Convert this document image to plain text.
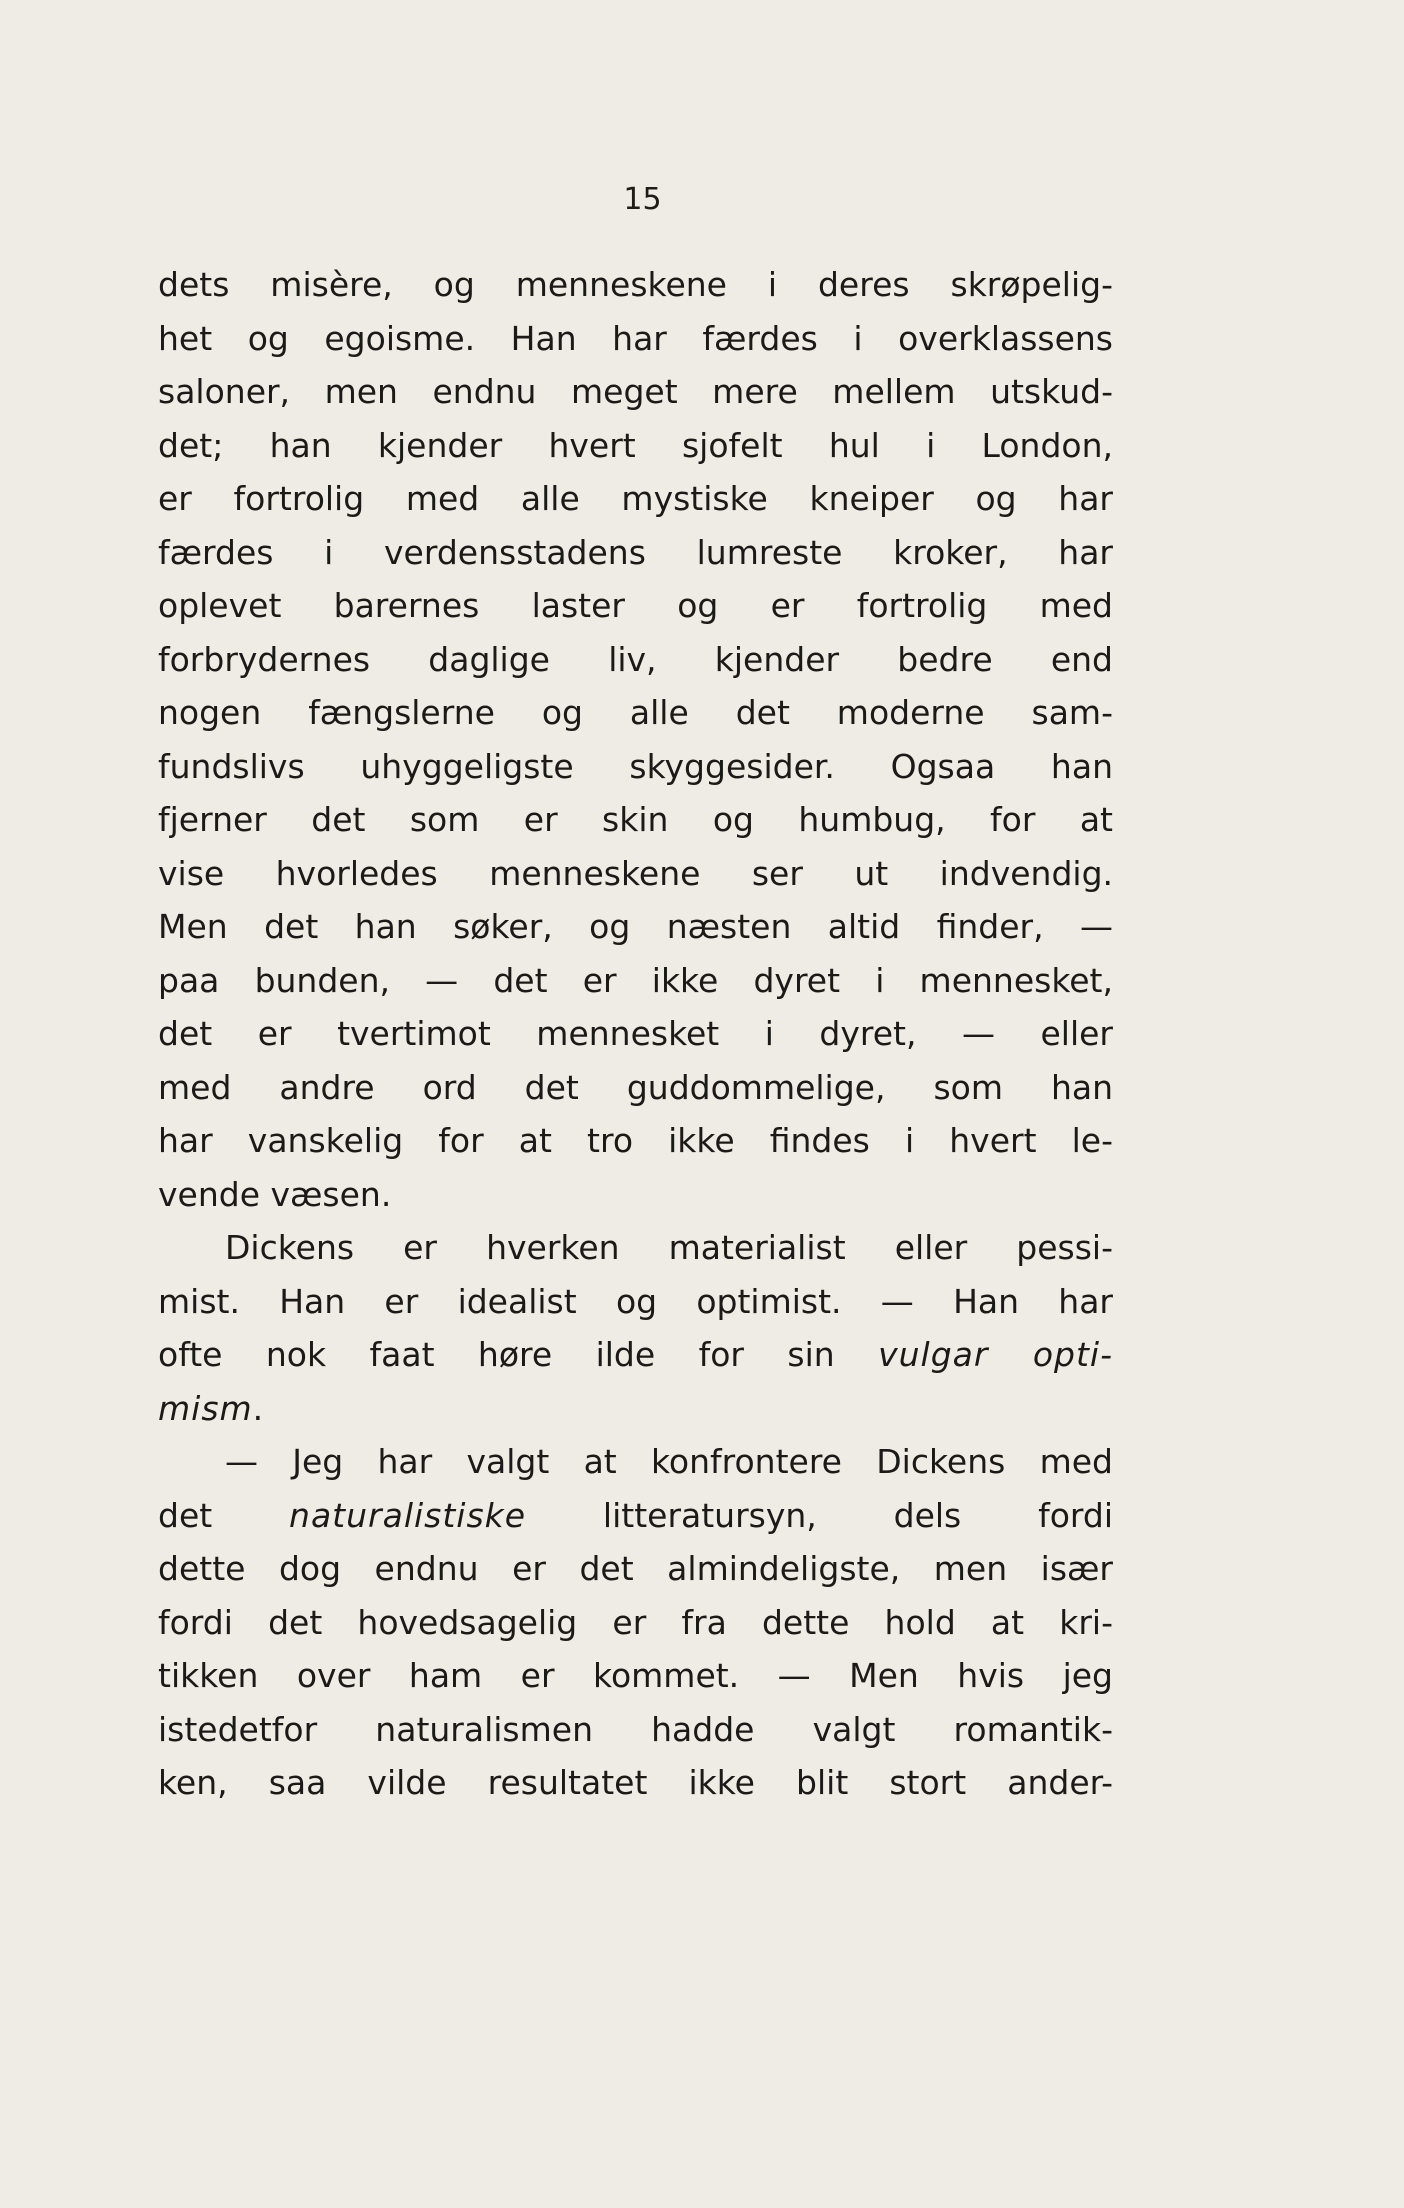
15
dets misère, og menneskene i deres skrøpelig-
het og egoisme. Han har færdes i overklassens
saloner, men endnu meget mere mellem utskud-
det; han kjender hvert sjofelt hul i London,
er fortrolig med alle mystiske kneiper og har
færdes i verdensstadens lumreste kroker, har
oplevet barernes laster og er fortrolig med
forbrydernes daglige liv, kjender bedre end
nogen fængslerne og alle det moderne sam-
fundslivs uhyggeligste skyggesider. Ogsaa han
fjerner det som er skin og humbug, for at
vise hvorledes menneskene ser ut indvendig.
Men det han søker, og næsten altid finder, —
paa bunden, — det er ikke dyret i mennesket,
det er tvertimot mennesket i dyret, — eller
med andre ord det guddommelige, som han
har vanskelig for at tro ikke findes i hvert le-
vende væsen.
Dickens er hverken materialist eller pessi-
mist. Han er idealist og optimist. — Han har
ofte nok faat høre ilde for sin vulgar opti-
mism.
— Jeg har valgt at konfrontere Dickens med
det naturalistiske litteratursyn, dels fordi
dette dog endnu er det almindeligste, men især
fordi det hovedsagelig er fra dette hold at kri-
tikken over ham er kommet. — Men hvis jeg
istedetfor naturalismen hadde valgt romantik-
ken, saa vilde resultatet ikke blit stort ander-
